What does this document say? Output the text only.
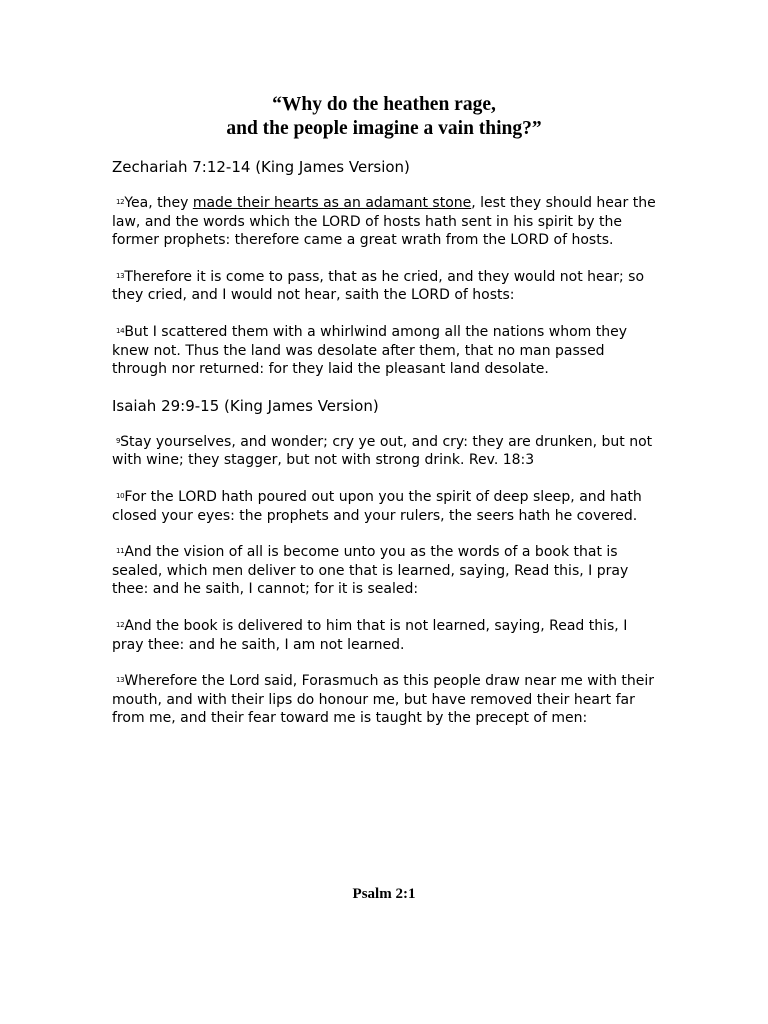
“Why do the heathen rage,
and the people imagine a vain thing?”
Zechariah 7:12-14 (King James Version)

$^{12}$Yea, they made their hearts as an adamant stone, lest they should hear the law, and the words which the LORD of hosts hath sent in his spirit by the former prophets: therefore came a great wrath from the LORD of hosts.

$^{13}$Therefore it is come to pass, that as he cried, and they would not hear; so they cried, and I would not hear, saith the LORD of hosts:

$^{14}$But I scattered them with a whirlwind among all the nations whom they knew not. Thus the land was desolate after them, that no man passed through nor returned: for they laid the pleasant land desolate.

Isaiah 29:9-15 (King James Version)

$^9$Stay yourselves, and wonder; cry ye out, and cry: they are drunken, but not with wine; they stagger, but not with strong drink. Rev. 18:3

$^{10}$For the LORD hath poured out upon you the spirit of deep sleep, and hath closed your eyes: the prophets and your rulers, the seers hath he covered.

$^{11}$And the vision of all is become unto you as the words of a book that is sealed, which men deliver to one that is learned, saying, Read this, I pray thee: and he saith, I cannot; for it is sealed:

$^{12}$And the book is delivered to him that is not learned, saying, Read this, I pray thee: and he saith, I am not learned.

$^{13}$Wherefore the Lord said, Forasmuch as this people draw near me with their mouth, and with their lips do honour me, but have removed their heart far from me, and their fear toward me is taught by the precept of men:

Psalm 2:1
